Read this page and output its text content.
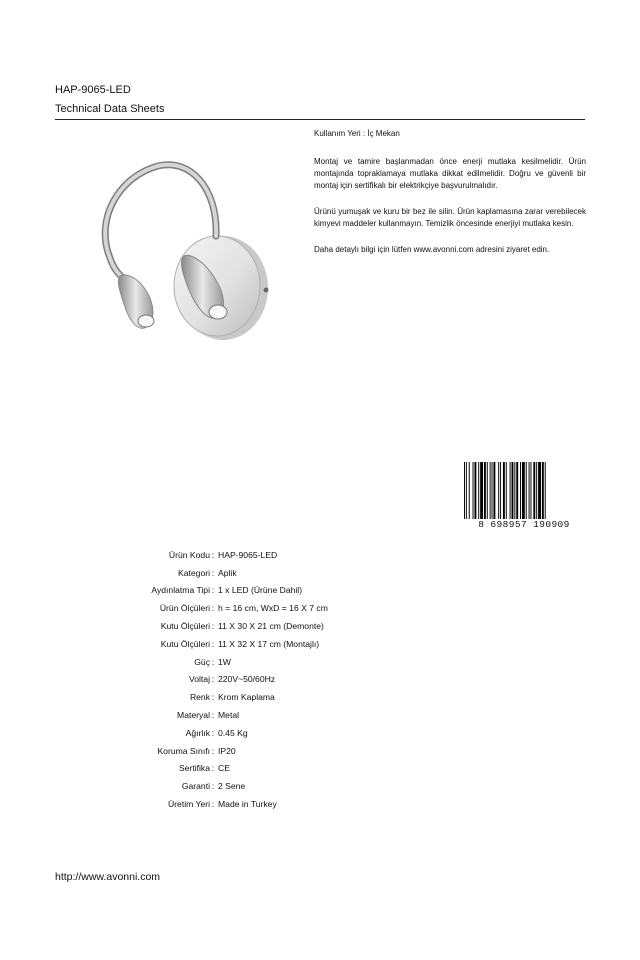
HAP-9065-LED
Technical Data Sheets

Kullanım Yeri : İç Mekan

Montaj ve tamire başlanmadan önce enerji mutlaka kesilmelidir. Ürün montajında topraklamaya mutlaka dikkat edilmelidir. Doğru ve güvenli bir montaj için sertifikalı bir elektrikçiye başvurulmalıdır.

Ürünü yumuşak ve kuru bir bez ile silin. Ürün kaplamasına zarar verebilecek kimyevi maddeler kullanmayın. Temizlik öncesinde enerjiyi mutlaka kesin.

Daha detaylı bilgi için lütfen www.avonni.com adresini ziyaret edin.

8 698957 190909
Ürün Kodu : HAP-9065-LED
Kategori : Aplik
Aydınlatma Tipi : 1 x LED (Ürüne Dahil)
Ürün Ölçüleri : h = 16 cm, WxD = 16 X 7 cm
Kutu Ölçüleri : 11 X 30 X 21 cm (Demonte)
Kutu Ölçüleri : 11 X 32 X 17 cm (Montajlı)
Güç : 1W
Voltaj : 220V~50/60Hz
Renk : Krom Kaplama
Materyal : Metal
Ağırlık : 0.45 Kg
Koruma Sınıfı : IP20
Sertifika : CE
Garanti : 2 Sene
Üretim Yeri : Made in Turkey
http://www.avonni.com
